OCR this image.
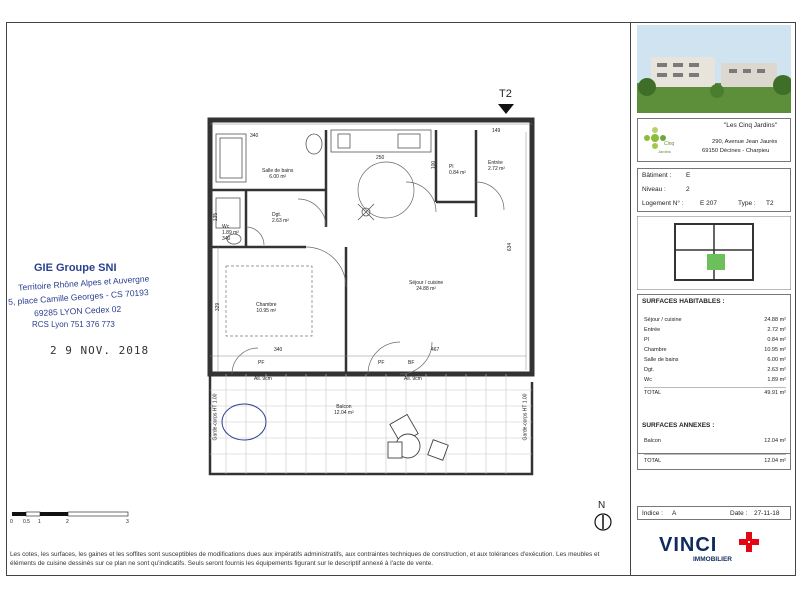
T2
340
250
100
149
634
329
135
340	467
Salle de bains
6.00 m²
Wc
1.89 m²
340
Dgt.
2.63 m²
Chambre
10.95 m²
Séjour / cuisine
24.88 m²
Pl
0.84 m²
Entrée
2.72 m²
Balcon
12.04 m²
PF	PF	BF
All. 9cm	All. 9cm
Garde-corps HT 1.00	Garde-corps HT 1.00
GIE Groupe SNI
Territoire Rhône Alpes et Auvergne
5, place Camille Georges - CS 70193
69285 LYON Cedex 02
RCS Lyon 751 376 773
2 9 NOV. 2018
0 0.5 1	2	3
N
Les cotes, les surfaces, les gaines et les soffites sont susceptibles de modifications dues aux impératifs administratifs, aux contraintes techniques de construction, et aux tolérances d'exécution. Les meubles et éléments de cuisine dessinés sur ce plan ne sont qu'indicatifs. Seuls seront fournis les équipements figurant sur le descriptif annexé à l'acte de vente.
Cinq
Jardins
"Les Cinq Jardins"
290, Avenue Jean Jaurès
69150 Décines - Charpieu
Bâtiment : E
Niveau :	2
Logement N° :	E 207	Type : T2
SURFACES HABITABLES :
Séjour / cuisine	24.88 m²
Entrée	2.72 m²
Pl	0.84 m²
Chambre	10.95 m²
Salle de bains	6.00 m²
Dgt.	2.63 m²
Wc	1.89 m²
TOTAL	49.91 m²
SURFACES ANNEXES :
Balcon	12.04 m²
TOTAL	12.04 m²
Indice : A	Date : 27-11-18
VINCI
IMMOBILIER
